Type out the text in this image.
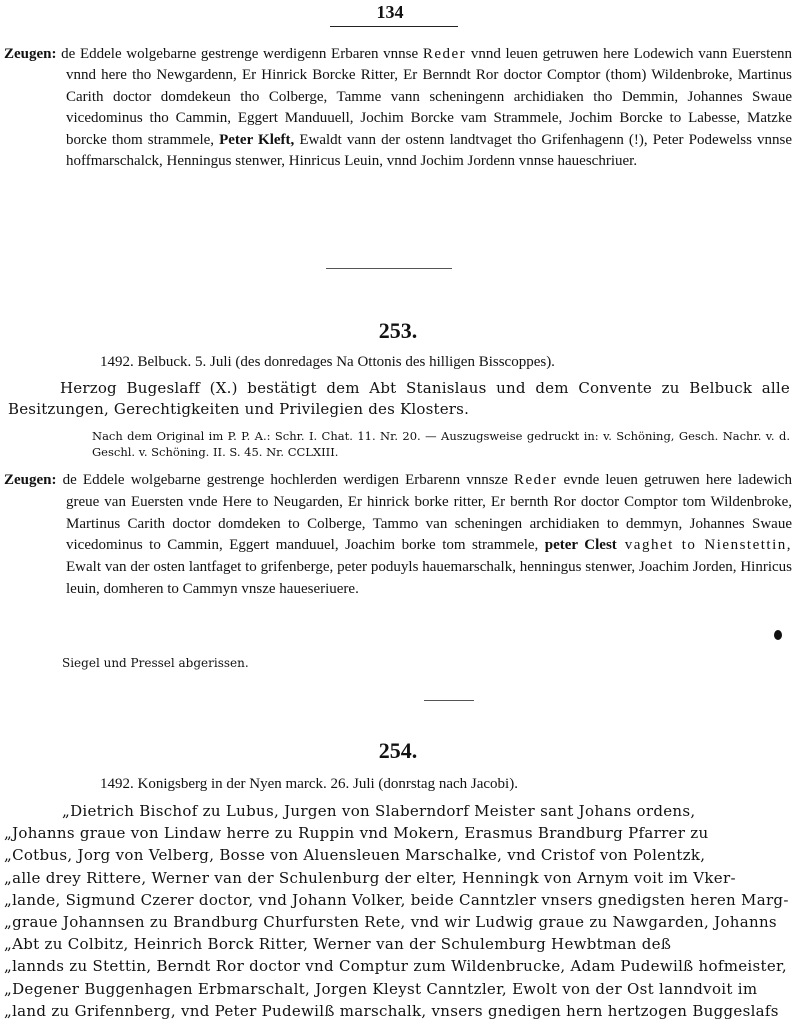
134
Zeugen: de Eddele wolgebarne gestrenge werdigenn Erbaren vnnse Reder vnnd leuen getruwen here Lodewich vann Euerstenn vnnd here tho Newgardenn, Er Hinrick Borcke Ritter, Er Bernndt Ror doctor Comptor (thom) Wildenbroke, Martinus Carith doctor domdekeun tho Colberge, Tamme vann scheningenn archidiaken tho Demmin, Johannes Swaue vicedominus tho Cammin, Eggert Manduuell, Jochim Borcke vam Strammele, Jochim Borcke to Labesse, Matzke borcke thom strammele, Peter Kleft, Ewaldt vann der ostenn landtvaget tho Grifenhagenn (!), Peter Podewelss vnnse hoffmarschalck, Henningus stenwer, Hinricus Leuin, vnnd Jochim Jordenn vnnse haueschriuer.
253.
1492. Belbuck. 5. Juli (des donredages Na Ottonis des hilligen Bisscoppes).
Herzog Bugeslaff (X.) bestätigt dem Abt Stanislaus und dem Convente zu Belbuck alle Besitzungen, Gerechtigkeiten und Privilegien des Klosters.
Nach dem Original im P. P. A.: Schr. I. Chat. 11. Nr. 20. — Auszugsweise gedruckt in: v. Schöning, Gesch. Nachr. v. d. Geschl. v. Schöning. II. S. 45. Nr. CCLXIII.
Zeugen: de Eddele wolgebarne gestrenge hochlerden werdigen Erbarenn vnnsze Reder evnde leuen getruwen here ladewich greue van Euersten vnde Here to Neugarden, Er hinrick borke ritter, Er bernth Ror doctor Comptor tom Wildenbroke, Martinus Carith doctor domdeken to Colberge, Tammo van scheningen archidiaken to demmyn, Johannes Swaue vicedominus to Cammin, Eggert manduuel, Joachim borke tom strammele, peter Clest vaghet to Nienstettin, Ewalt van der osten lantfaget to grifenberge, peter poduyls hauemarschalk, henningus stenwer, Joachim Jorden, Hinricus leuin, domheren to Cammyn vnsze haueseriuere.
Siegel und Pressel abgerissen.
254.
1492. Konigsberg in der Nyen marck. 26. Juli (donrstag nach Jacobi).
„Dietrich Bischof zu Lubus, Jurgen von Slaberndorf Meister sant Johans ordens,
„Johanns graue von Lindaw herre zu Ruppin vnd Mokern, Erasmus Brandburg Pfarrer zu
„Cotbus, Jorg von Velberg, Bosse von Aluensleuen Marschalke, vnd Cristof von Polentzk,
„alle drey Rittere, Werner van der Schulenburg der elter, Henningk von Arnym voit im Vker-
„lande, Sigmund Czerer doctor, vnd Johann Volker, beide Canntzler vnsers gnedigsten heren Marg-
„graue Johannsen zu Brandburg Churfursten Rete, vnd wir Ludwig graue zu Nawgarden, Johanns
„Abt zu Colbitz, Heinrich Borck Ritter, Werner van der Schulemburg Hewbtman deß
„lannds zu Stettin, Berndt Ror doctor vnd Comptur zum Wildenbrucke, Adam Pudewilß hofmeister,
„Degener Buggenhagen Erbmarschalt, Jorgen Kleyst Canntzler, Ewolt von der Ost lanndvoit im
„land zu Grifennberg, vnd Peter Pudewilß marschalk, vnsers gnedigen hern hertzogen Buggeslafs
